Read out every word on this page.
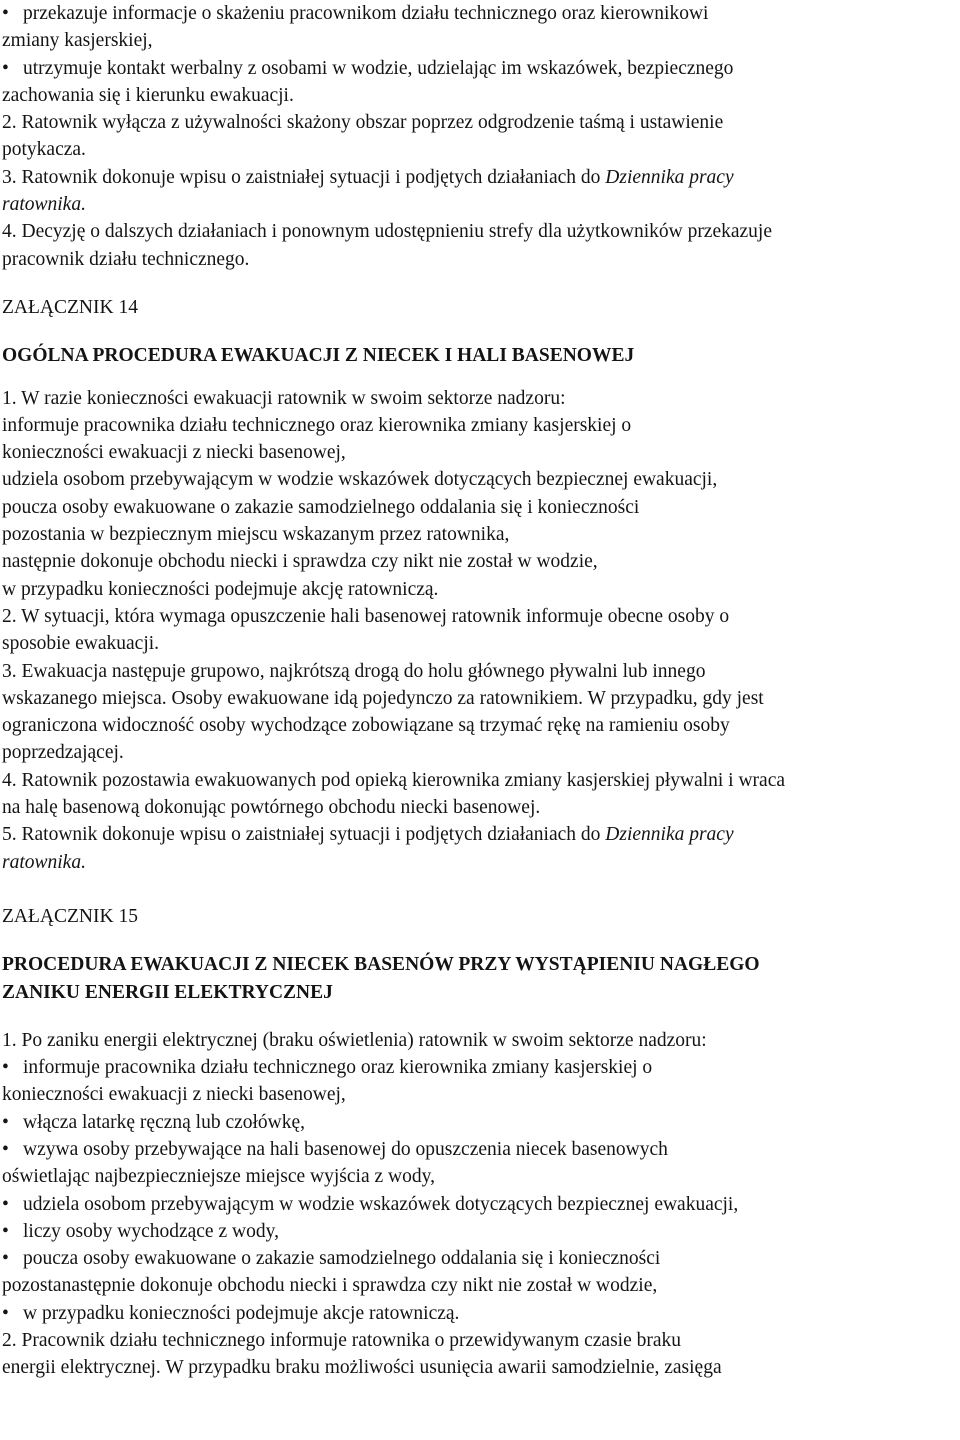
• przekazuje informacje o skażeniu pracownikom działu technicznego oraz kierownikowi
zmiany kasjerskiej,
• utrzymuje kontakt werbalny z osobami w wodzie, udzielając im wskazówek, bezpiecznego
zachowania się i kierunku ewakuacji.
2. Ratownik wyłącza z używalności skażony obszar poprzez odgrodzenie taśmą i ustawienie
potykacza.
3. Ratownik dokonuje wpisu o zaistniałej sytuacji i podjętych działaniach do Dziennika pracy
ratownika.
4. Decyzję o dalszych działaniach i ponownym udostępnieniu strefy dla użytkowników przekazuje
pracownik działu technicznego.
ZAŁĄCZNIK 14
OGÓLNA PROCEDURA EWAKUACJI Z NIECEK I HALI BASENOWEJ
1. W razie konieczności ewakuacji ratownik w swoim sektorze nadzoru:
informuje pracownika działu technicznego oraz kierownika zmiany kasjerskiej o
konieczności ewakuacji z niecki basenowej,
udziela osobom przebywającym w wodzie wskazówek dotyczących bezpiecznej ewakuacji,
poucza osoby ewakuowane o zakazie samodzielnego oddalania się i konieczności
pozostania w bezpiecznym miejscu wskazanym przez ratownika,
następnie dokonuje obchodu niecki i sprawdza czy nikt nie został w wodzie,
w przypadku konieczności podejmuje akcję ratowniczą.
2. W sytuacji, która wymaga opuszczenie hali basenowej ratownik informuje obecne osoby o
sposobie ewakuacji.
3. Ewakuacja następuje grupowo, najkrótszą drogą do holu głównego pływalni lub innego
wskazanego miejsca. Osoby ewakuowane idą pojedynczo za ratownikiem. W przypadku, gdy jest
ograniczona widoczność osoby wychodzące zobowiązane są trzymać rękę na ramieniu osoby
poprzedzającej.
4. Ratownik pozostawia ewakuowanych pod opieką kierownika zmiany kasjerskiej pływalni i wraca
na halę basenową dokonując powtórnego obchodu niecki basenowej.
5. Ratownik dokonuje wpisu o zaistniałej sytuacji i podjętych działaniach do Dziennika pracy
ratownika.
ZAŁĄCZNIK 15
PROCEDURA EWAKUACJI Z NIECEK BASENÓW PRZY WYSTĄPIENIU NAGŁEGO
ZANIKU ENERGII ELEKTRYCZNEJ
1. Po zaniku energii elektrycznej (braku oświetlenia) ratownik w swoim sektorze nadzoru:
• informuje pracownika działu technicznego oraz kierownika zmiany kasjerskiej o
konieczności ewakuacji z niecki basenowej,
• włącza latarkę ręczną lub czołówkę,
• wzywa osoby przebywające na hali basenowej do opuszczenia niecek basenowych
oświetlając najbezpieczniejsze miejsce wyjścia z wody,
• udziela osobom przebywającym w wodzie wskazówek dotyczących bezpiecznej ewakuacji,
• liczy osoby wychodzące z wody,
• poucza osoby ewakuowane o zakazie samodzielnego oddalania się i konieczności
pozostanastępnie dokonuje obchodu niecki i sprawdza czy nikt nie został w wodzie,
• w przypadku konieczności podejmuje akcje ratowniczą.
2. Pracownik działu technicznego informuje ratownika o przewidywanym czasie braku
energii elektrycznej. W przypadku braku możliwości usunięcia awarii samodzielnie, zasięga
